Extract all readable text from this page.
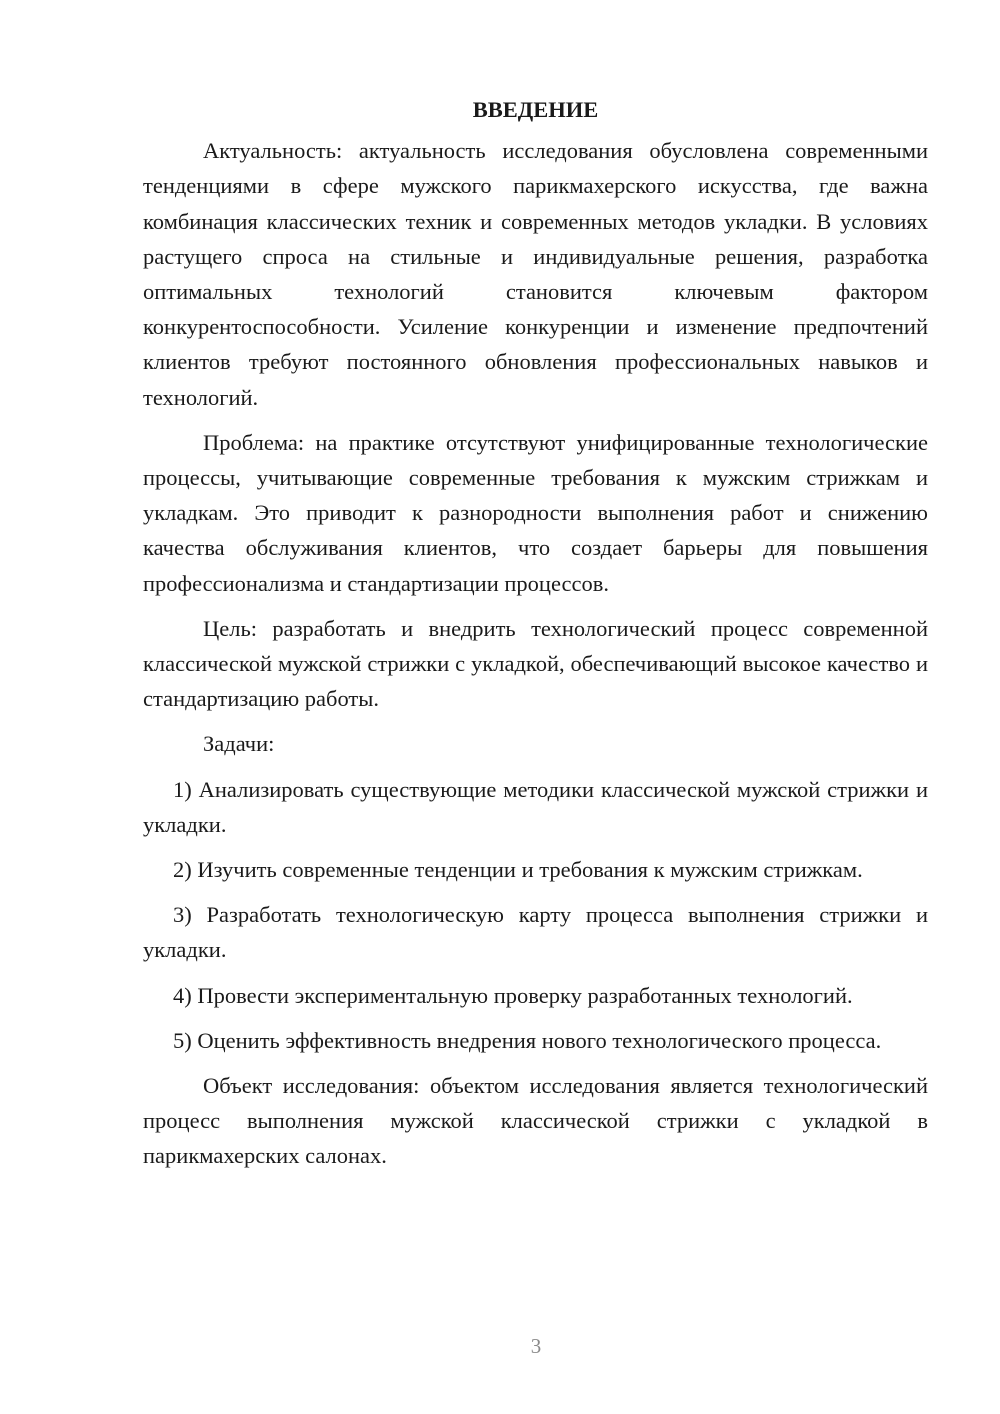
ВВЕДЕНИЕ

Актуальность: актуальность исследования обусловлена современными тенденциями в сфере мужского парикмахерского искусства, где важна комбинация классических техник и современных методов укладки. В условиях растущего спроса на стильные и индивидуальные решения, разработка оптимальных технологий становится ключевым фактором конкурентоспособности. Усиление конкуренции и изменение предпочтений клиентов требуют постоянного обновления профессиональных навыков и технологий.

Проблема: на практике отсутствуют унифицированные технологические процессы, учитывающие современные требования к мужским стрижкам и укладкам. Это приводит к разнородности выполнения работ и снижению качества обслуживания клиентов, что создает барьеры для повышения профессионализма и стандартизации процессов.

Цель: разработать и внедрить технологический процесс современной классической мужской стрижки с укладкой, обеспечивающий высокое качество и стандартизацию работы.

Задачи:

1) Анализировать существующие методики классической мужской стрижки и укладки.

2) Изучить современные тенденции и требования к мужским стрижкам.

3) Разработать технологическую карту процесса выполнения стрижки и укладки.

4) Провести экспериментальную проверку разработанных технологий.

5) Оценить эффективность внедрения нового технологического процесса.

Объект исследования: объектом исследования является технологический процесс выполнения мужской классической стрижки с укладкой в парикмахерских салонах.

3
